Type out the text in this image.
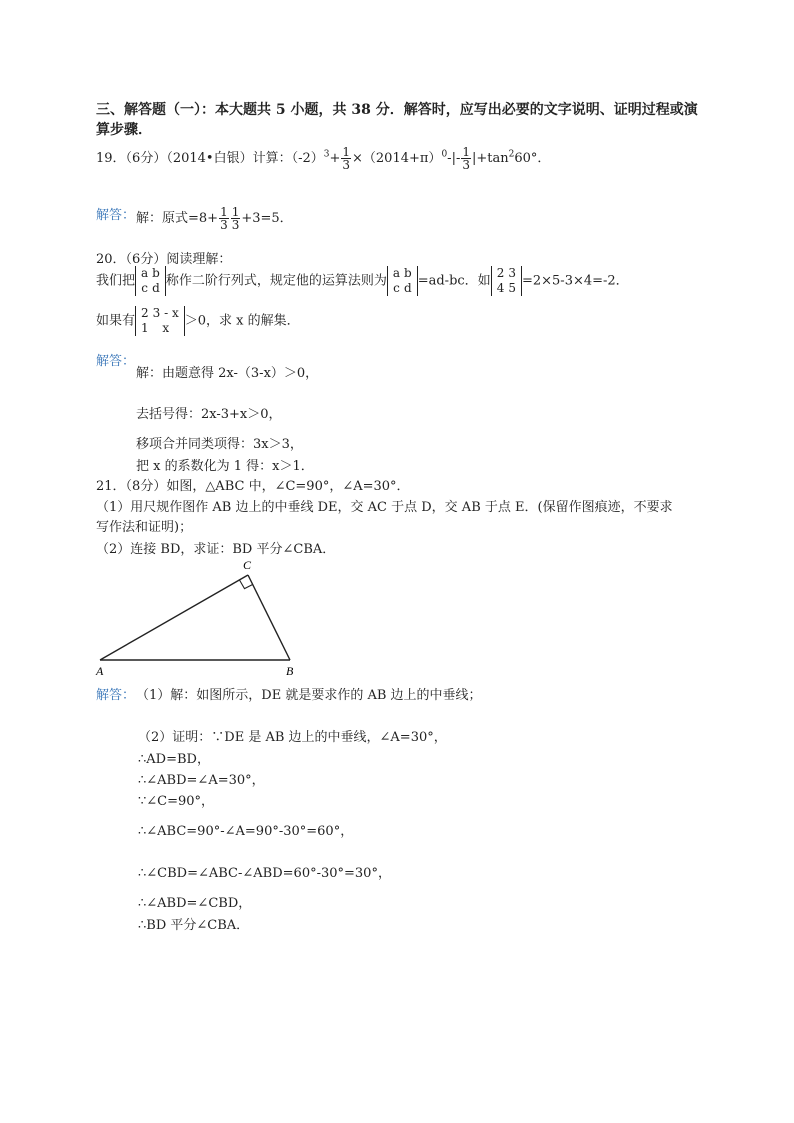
三、解答题（一）：本大题共 5 小题，共 38 分．解答时，应写出必要的文字说明、证明过程或演
算步骤．
19．（6分）（2014•白银）计算：$(-2)^3+ \frac{1}{3} \times(2014+\pi)^0-|- \frac{1}{3} |+\tan^260^\circ$．
解答： 解：原式$=8+ \frac{1}{3} \frac{1}{3} +3=5$．
20．（6分）阅读理解：
我们把
a	b
c	d 称作二阶行列式，规定他的运算法则为
a	b
c	d =ad-bc．如
2	3
4	5 =2×5-3×4=-2．
如果有
2	3 - x
1	x ＞0，求 x 的解集．
解答：
解：由题意得 2x-（3-x）＞0，
去括号得：2x-3+x＞0，
移项合并同类项得：3x＞3，
把 x 的系数化为 1 得：x＞1．
21．（8分）如图，△ABC 中，∠C=90°，∠A=30°．
（1）用尺规作图作 AB 边上的中垂线 DE，交 AC 于点 D，交 AB 于点 E．(保留作图痕迹，不要求
写作法和证明)；
（2）连接 BD，求证：BD 平分∠CBA．
A	B
C
解答： （1）解：如图所示，DE 就是要求作的 AB 边上的中垂线；
（2）证明：∵DE 是 AB 边上的中垂线，∠A=30°，
∴AD=BD，
∴∠ABD=∠A=30°，
∵∠C=90°，
∴∠ABC=90°-∠A=90°-30°=60°，
∴∠CBD=∠ABC-∠ABD=60°-30°=30°，
∴∠ABD=∠CBD，
∴BD 平分∠CBA．
